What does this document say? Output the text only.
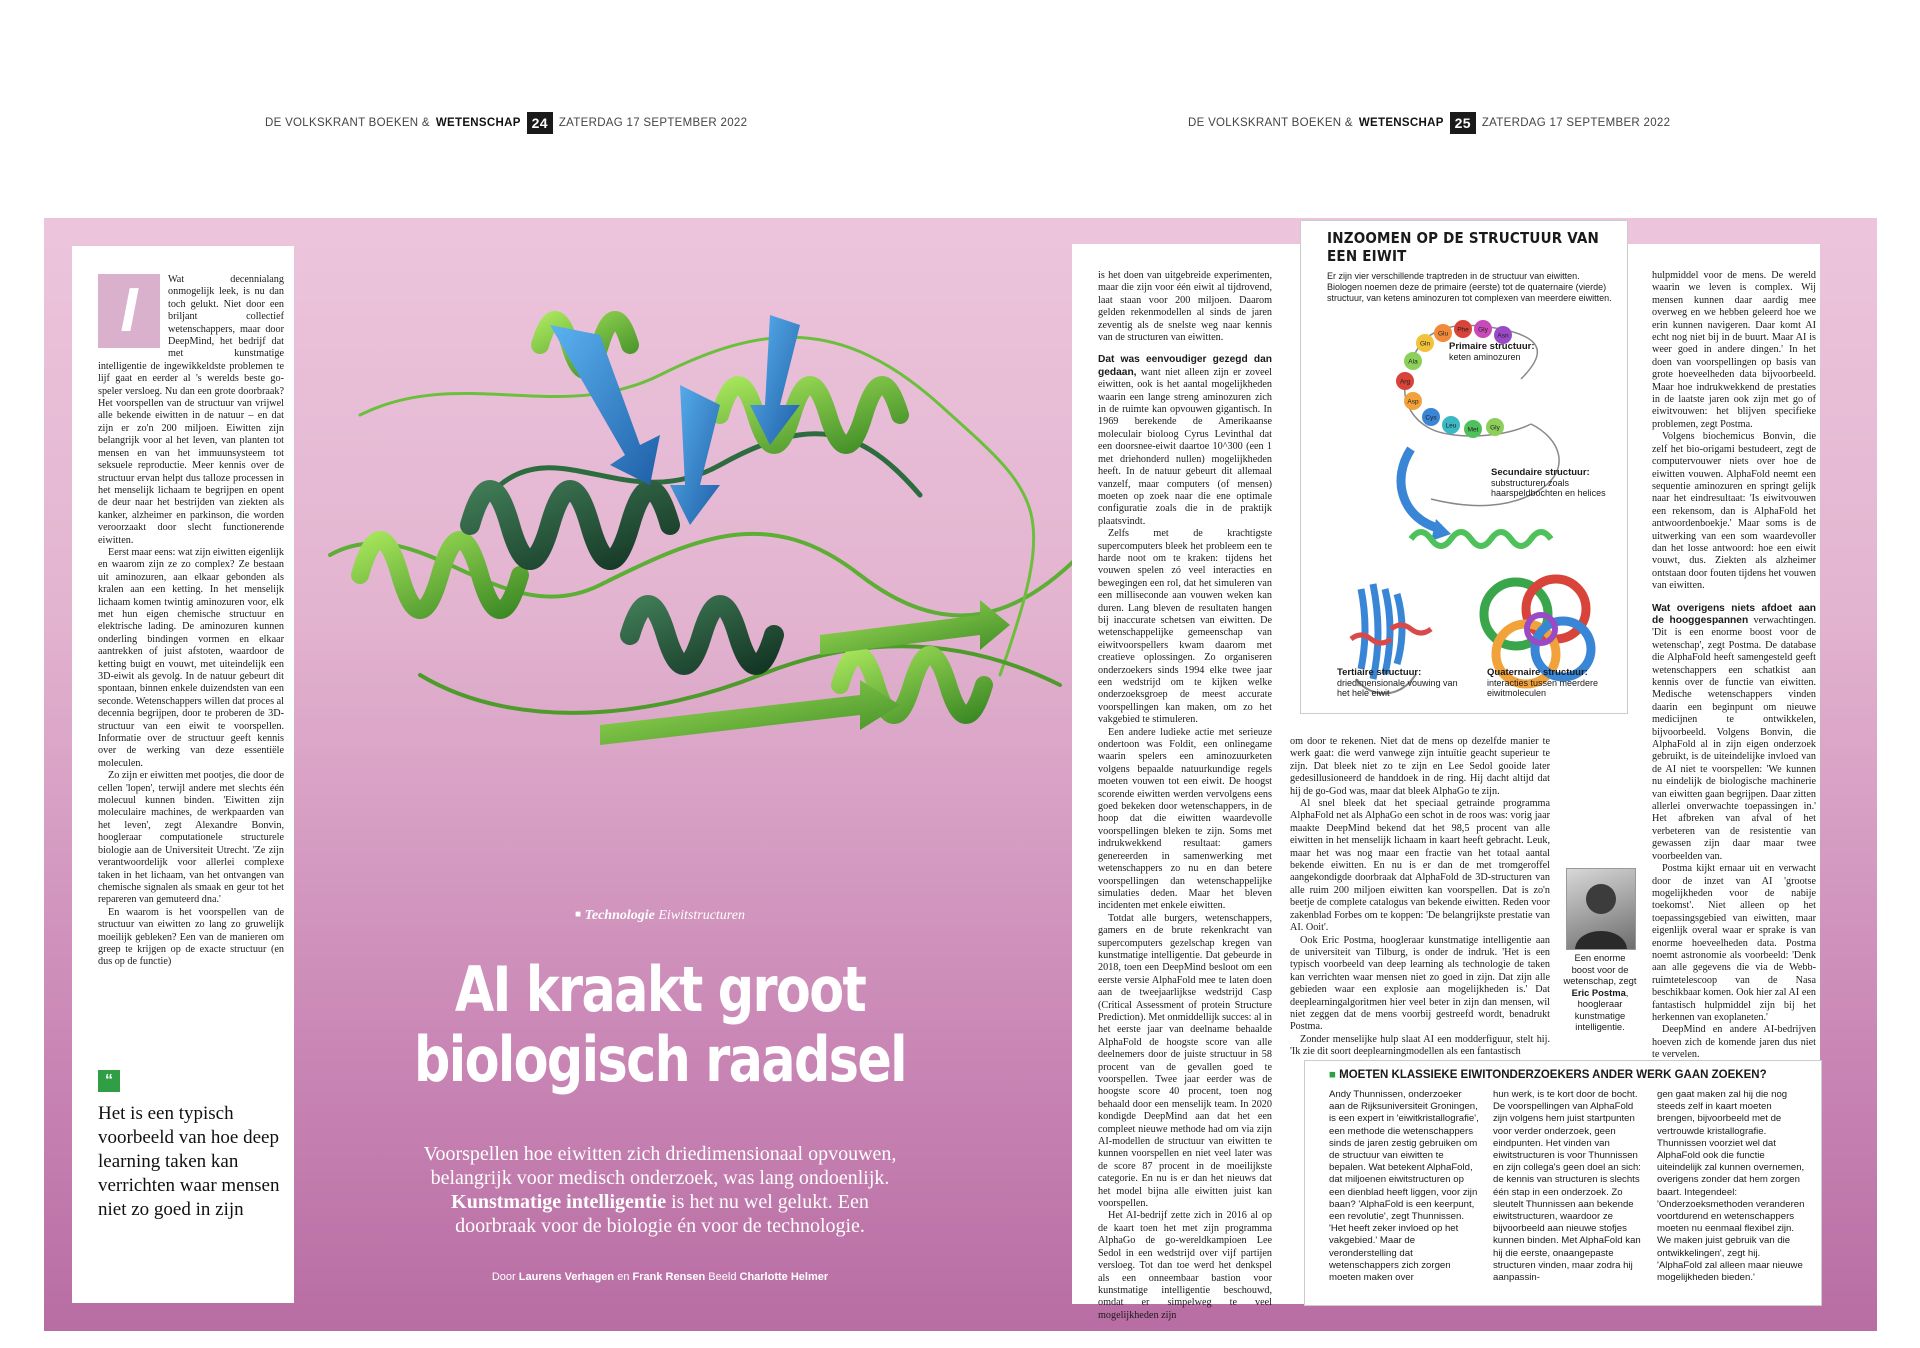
DE VOLKSKRANT BOEKEN & WETENSCHAP 24 ZATERDAG 17 SEPTEMBER 2022	DE VOLKSKRANT BOEKEN & WETENSCHAP 25 ZATERDAG 17 SEPTEMBER 2022
I	Wat decennialang onmogelijk leek, is nu dan toch gelukt. Niet door een briljant collectief wetenschappers, maar door DeepMind, het bedrijf dat met kunstmatige intelligentie de ingewikkeldste problemen te lijf gaat en eerder al 's werelds beste go-speler versloeg. Nu dan een grote doorbraak? Het voorspellen van de structuur van vrijwel alle bekende eiwitten in de natuur – en dat zijn er zo'n 200 miljoen. Eiwitten zijn belangrijk voor al het leven, van planten tot mensen en van het immuunsysteem tot seksuele reproductie. Meer kennis over de structuur ervan helpt dus talloze processen in het menselijk lichaam te begrijpen en opent de deur naar het bestrijden van ziekten als kanker, alzheimer en parkinson, die worden veroorzaakt door slecht functionerende eiwitten.

Eerst maar eens: wat zijn eiwitten eigenlijk en waarom zijn ze zo complex? Ze bestaan uit aminozuren, aan elkaar gebonden als kralen aan een ketting. In het menselijk lichaam komen twintig aminozuren voor, elk met hun eigen chemische structuur en elektrische lading. De aminozuren kunnen onderling bindingen vormen en elkaar aantrekken of juist afstoten, waardoor de ketting buigt en vouwt, met uiteindelijk een 3D-eiwit als gevolg. In de natuur gebeurt dit spontaan, binnen enkele duizendsten van een seconde. Wetenschappers willen dat proces al decennia begrijpen, door te proberen de 3D-structuur van een eiwit te voorspellen. Informatie over de structuur geeft kennis over de werking van deze essentiële moleculen.

Zo zijn er eiwitten met pootjes, die door de cellen 'lopen', terwijl andere met slechts één molecuul kunnen binden. 'Eiwitten zijn moleculaire machines, de werkpaarden van het leven', zegt Alexandre Bonvin, hoogleraar computationele structurele biologie aan de Universiteit Utrecht. 'Ze zijn verantwoordelijk voor allerlei complexe taken in het lichaam, van het ontvangen van chemische signalen als smaak en geur tot het repareren van gemuteerd dna.'

En waarom is het voorspellen van de structuur van eiwitten zo lang zo gruwelijk moeilijk gebleken? Een van de manieren om greep te krijgen op de exacte structuur (en dus op de functie)

“
Het is een typisch voorbeeld van hoe deep learning taken kan verrichten waar mensen niet zo goed in zijn
■ Technologie Eiwitstructuren
AI kraakt groot
biologisch raadsel
Voorspellen hoe eiwitten zich driedimensionaal opvouwen, belangrijk voor medisch onderzoek, was lang ondoenlijk. Kunstmatige intelligentie is het nu wel gelukt. Een doorbraak voor de biologie én voor de technologie.
Door Laurens Verhagen en Frank Rensen Beeld Charlotte Helmer

is het doen van uitgebreide experimenten, maar die zijn voor één eiwit al tijdrovend, laat staan voor 200 miljoen. Daarom gelden rekenmodellen al sinds de jaren zeventig als de snelste weg naar kennis van de structuren van eiwitten.

Dat was eenvoudiger gezegd dan gedaan, want niet alleen zijn er zoveel eiwitten, ook is het aantal mogelijkheden waarin een lange streng aminozuren zich in de ruimte kan opvouwen gigantisch. In 1969 berekende de Amerikaanse moleculair bioloog Cyrus Levinthal dat een doorsnee-eiwit daartoe 10^300 (een 1 met driehonderd nullen) mogelijkheden heeft. In de natuur gebeurt dit allemaal vanzelf, maar computers (of mensen) moeten op zoek naar die ene optimale configuratie zoals die in de praktijk plaatsvindt.

Zelfs met de krachtigste supercomputers bleek het probleem een te harde noot om te kraken: tijdens het vouwen spelen zó veel interacties en bewegingen een rol, dat het simuleren van een milliseconde aan vouwen weken kan duren. Lang bleven de resultaten hangen bij inaccurate schetsen van eiwitten. De wetenschappelijke gemeenschap van eiwitvoorspellers kwam daarom met creatieve oplossingen. Zo organiseren onderzoekers sinds 1994 elke twee jaar een wedstrijd om te kijken welke onderzoeksgroep de meest accurate voorspellingen kan maken, om zo het vakgebied te stimuleren.

Een andere ludieke actie met serieuze ondertoon was Foldit, een onlinegame waarin spelers een aminozuurketen volgens bepaalde natuurkundige regels moeten vouwen tot een eiwit. De hoogst scorende eiwitten werden vervolgens eens goed bekeken door wetenschappers, in de hoop dat die eiwitten waardevolle voorspellingen bleken te zijn. Soms met indrukwekkend resultaat: gamers genereerden in samenwerking met wetenschappers zo nu en dan betere voorspellingen dan wetenschappelijke simulaties deden. Maar het bleven incidenten met enkele eiwitten.

Totdat alle burgers, wetenschappers, gamers en de brute rekenkracht van supercomputers gezelschap kregen van kunstmatige intelligentie. Dat gebeurde in 2018, toen een DeepMind besloot om een eerste versie AlphaFold mee te laten doen aan de tweejaarlijkse wedstrijd Casp (Critical Assessment of protein Structure Prediction). Met onmiddellijk succes: al in het eerste jaar van deelname behaalde AlphaFold de hoogste score van alle deelnemers door de juiste structuur in 58 procent van de gevallen goed te voorspellen. Twee jaar eerder was de hoogste score 40 procent, toen nog behaald door een menselijk team. In 2020 kondigde DeepMind aan dat het een compleet nieuwe methode had om via zijn AI-modellen de structuur van eiwitten te kunnen voorspellen en niet veel later was de score 87 procent in de moeilijkste categorie. En nu is er dan het nieuws dat het model bijna alle eiwitten juist kan voorspellen.

Het AI-bedrijf zette zich in 2016 al op de kaart toen het met zijn programma AlphaGo de go-wereldkampioen Lee Sedol in een wedstrijd over vijf partijen versloeg. Tot dan toe werd het denkspel als een onneembaar bastion voor kunstmatige intelligentie beschouwd, omdat er simpelweg te veel mogelijkheden zijn

INZOOMEN OP DE STRUCTUUR VAN EEN EIWIT
Er zijn vier verschillende traptreden in de structuur van eiwitten. Biologen noemen deze de primaire (eerste) tot de quaternaire (vierde) structuur, van ketens aminozuren tot complexen van meerdere eiwitten.
Ala
Gln
Glu
Phe Gly
Asn
Arg
Asp
Cys
Leu
Met Gly
Primaire structuur:
keten aminozuren
Secundaire structuur:
substructuren zoals haarspeldbochten en helices
Tertiaire structuur:
driedimensionale vouwing van het hele eiwit
Quaternaire structuur:
interacties tussen meerdere eiwitmoleculen

om door te rekenen. Niet dat de mens op dezelfde manier te werk gaat: die werd vanwege zijn intuïtie geacht superieur te zijn. Dat bleek niet zo te zijn en Lee Sedol gooide later gedesillusioneerd de handdoek in de ring. Hij dacht altijd dat hij de go-God was, maar dat bleek AlphaGo te zijn.

Al snel bleek dat het speciaal getrainde programma AlphaFold net als AlphaGo een schot in de roos was: vorig jaar maakte DeepMind bekend dat het 98,5 procent van alle eiwitten in het menselijk lichaam in kaart heeft gebracht. Leuk, maar het was nog maar een fractie van het totaal aantal bekende eiwitten. En nu is er dan de met tromgeroffel aangekondigde doorbraak dat AlphaFold de 3D-structuren van alle ruim 200 miljoen eiwitten kan voorspellen. Dat is zo'n beetje de complete catalogus van bekende eiwitten. Reden voor zakenblad Forbes om te koppen: 'De belangrijkste prestatie van AI. Ooit'.

Ook Eric Postma, hoogleraar kunstmatige intelligentie aan de universiteit van Tilburg, is onder de indruk. 'Het is een typisch voorbeeld van deep learning als technologie de taken kan verrichten waar mensen niet zo goed in zijn. Dat zijn alle gebieden waar een explosie aan mogelijkheden is.' Dat deeplearningalgoritmen hier veel beter in zijn dan mensen, wil niet zeggen dat de mens voorbij gestreefd wordt, benadrukt Postma.

Zonder menselijke hulp slaat AI een modderfiguur, stelt hij. 'Ik zie dit soort deeplearningmodellen als een fantastisch

Een enorme boost voor de wetenschap, zegt Eric Postma, hoogleraar kunstmatige intelligentie.

hulpmiddel voor de mens. De wereld waarin we leven is complex. Wij mensen kunnen daar aardig mee overweg en we hebben geleerd hoe we erin kunnen navigeren. Daar komt AI echt nog niet bij in de buurt. Maar AI is weer goed in andere dingen.' In het doen van voorspellingen op basis van grote hoeveelheden data bijvoorbeeld. Maar hoe indrukwekkend de prestaties in de laatste jaren ook zijn met go of eiwitvouwen: het blijven specifieke problemen, zegt Postma.

Volgens biochemicus Bonvin, die zelf het bio-origami bestudeert, zegt de computervouwer niets over hoe de eiwitten vouwen. AlphaFold neemt een sequentie aminozuren en springt gelijk naar het eindresultaat: 'Is eiwitvouwen een rekensom, dan is AlphaFold het antwoordenboekje.' Maar soms is de uitwerking van een som waardevoller dan het losse antwoord: hoe een eiwit vouwt, dus. Ziekten als alzheimer ontstaan door fouten tijdens het vouwen van eiwitten.

Wat overigens niets afdoet aan de hooggespannen verwachtingen. 'Dit is een enorme boost voor de wetenschap', zegt Postma. De database die AlphaFold heeft samengesteld geeft wetenschappers een schatkist aan kennis over de functie van eiwitten. Medische wetenschappers vinden daarin een beginpunt om nieuwe medicijnen te ontwikkelen, bijvoorbeeld. Volgens Bonvin, die AlphaFold al in zijn eigen onderzoek gebruikt, is de uiteindelijke invloed van de AI niet te voorspellen: 'We kunnen nu eindelijk de biologische machinerie van eiwitten gaan begrijpen. Daar zitten allerlei onverwachte toepassingen in.' Het afbreken van afval of het verbeteren van de resistentie van gewassen zijn daar maar twee voorbeelden van.

Postma kijkt ernaar uit en verwacht door de inzet van AI 'grootse mogelijkheden voor de nabije toekomst'. Niet alleen op het toepassingsgebied van eiwitten, maar eigenlijk overal waar er sprake is van enorme hoeveelheden data. Postma noemt astronomie als voorbeeld: 'Denk aan alle gegevens die via de Webb-ruimtetelescoop van de Nasa beschikbaar komen. Ook hier zal AI een fantastisch hulpmiddel zijn bij het herkennen van exoplaneten.'

DeepMind en andere AI-bedrijven hoeven zich de komende jaren dus niet te vervelen.

■ MOETEN KLASSIEKE EIWITONDERZOEKERS ANDER WERK GAAN ZOEKEN?
Andy Thunnissen, onderzoeker aan de Rijksuniversiteit Groningen, is een expert in 'eiwitkristallografie', een methode die wetenschappers sinds de jaren zestig gebruiken om de structuur van eiwitten te bepalen. Wat betekent AlphaFold, dat miljoenen eiwitstructuren op een dienblad heeft liggen, voor zijn baan? 'AlphaFold is een keerpunt, een revolutie', zegt Thunnissen. 'Het heeft zeker invloed op het vakgebied.' Maar de veronderstelling dat wetenschappers zich zorgen moeten maken over
hun werk, is te kort door de bocht. De voorspellingen van AlphaFold zijn volgens hem juist startpunten voor verder onderzoek, geen eindpunten. Het vinden van eiwitstructuren is voor Thunnissen en zijn collega's geen doel an sich: de kennis van structuren is slechts één stap in een onderzoek. Zo sleutelt Thunnissen aan bekende eiwitstructuren, waardoor ze bijvoorbeeld aan nieuwe stofjes kunnen binden. Met AlphaFold kan hij die eerste, onaangepaste structuren vinden, maar zodra hij aanpassin-
gen gaat maken zal hij die nog steeds zelf in kaart moeten brengen, bijvoorbeeld met de vertrouwde kristallografie. Thunnissen voorziet wel dat AlphaFold ook die functie uiteindelijk zal kunnen overnemen, overigens zonder dat hem zorgen baart. Integendeel: 'Onderzoeksmethoden veranderen voortdurend en wetenschappers moeten nu eenmaal flexibel zijn. We maken juist gebruik van die ontwikkelingen', zegt hij. 'AlphaFold zal alleen maar nieuwe mogelijkheden bieden.'
